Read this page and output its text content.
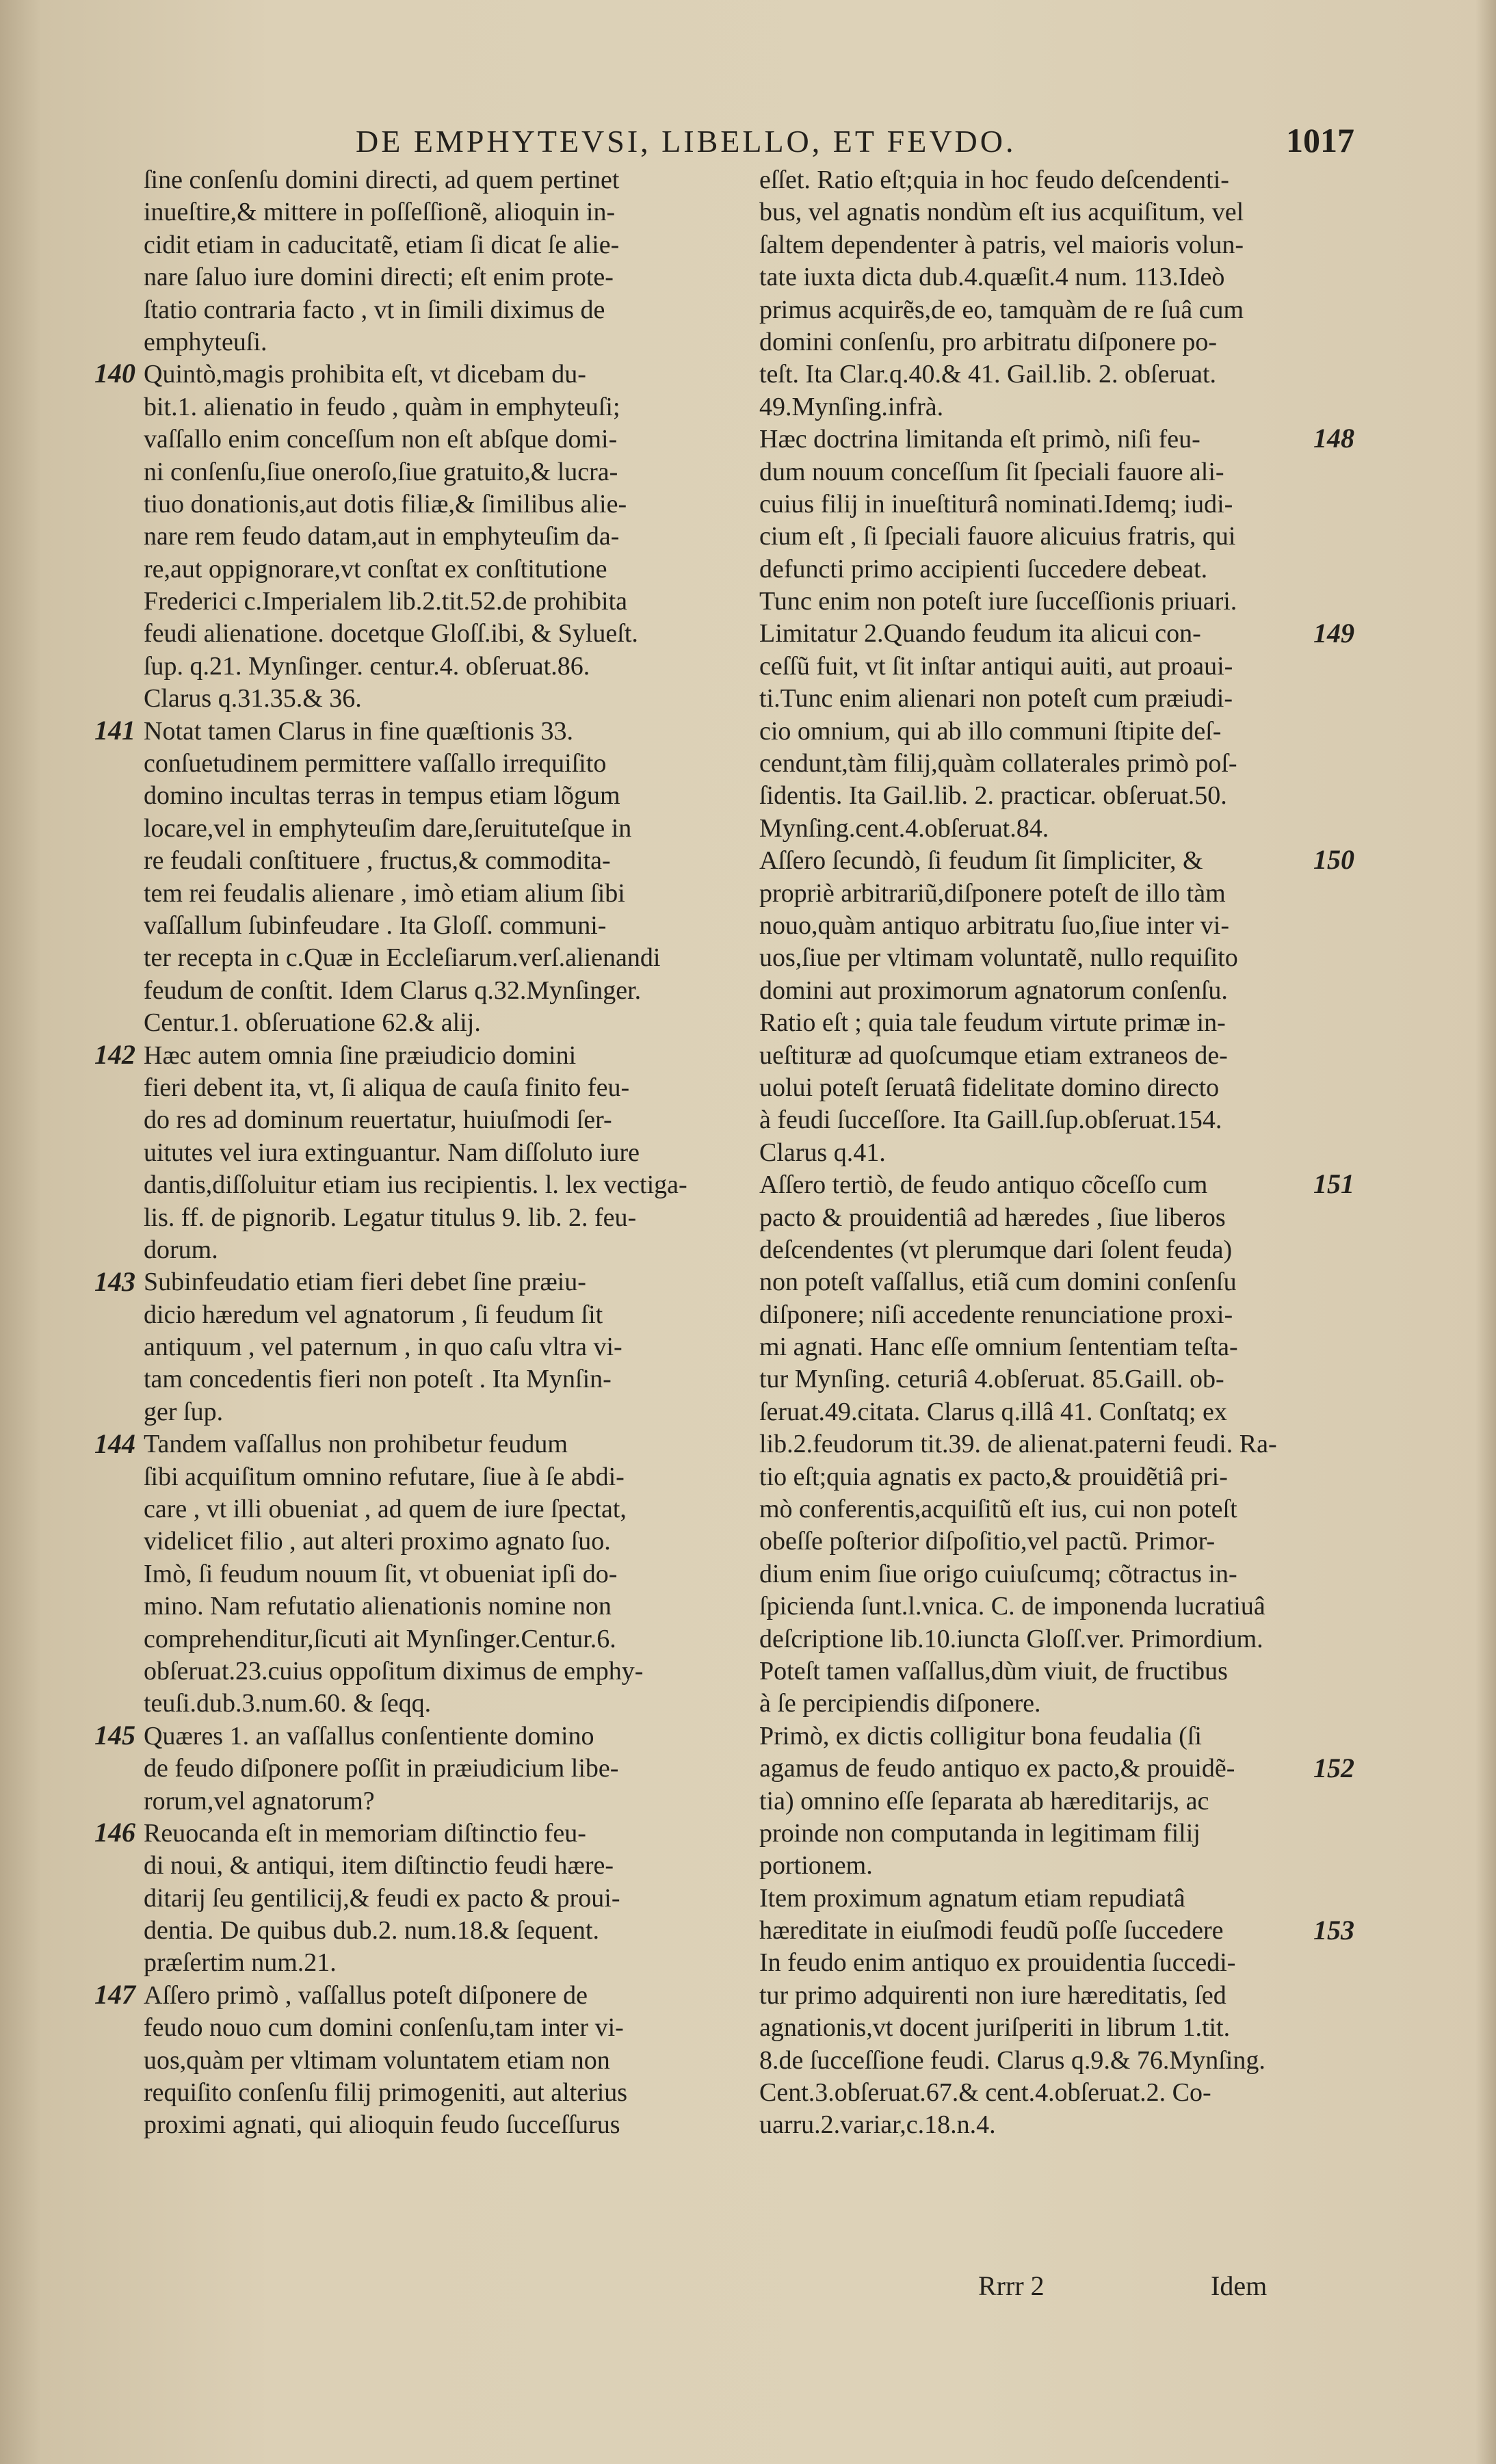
DE EMPHYTEVSI, LIBELLO, ET FEVDO.	1017
ſine conſenſu domini directi, ad quem pertinet
inueſtire,& mittere in poſſeſſionẽ, alioquin in-
cidit etiam in caducitatẽ, etiam ſi dicat ſe alie-
nare ſaluo iure domini directi; eſt enim prote-
ſtatio contraria facto , vt in ſimili diximus de
emphyteuſi.
Quintò,magis prohibita eſt, vt dicebam du-
bit.1. alienatio in feudo , quàm in emphyteuſi;
vaſſallo enim conceſſum non eſt abſque domi-
ni conſenſu,ſiue oneroſo,ſiue gratuito,& lucra-
tiuo donationis,aut dotis filiæ,& ſimilibus alie-
nare rem feudo datam,aut in emphyteuſim da-
re,aut oppignorare,vt conſtat ex conſtitutione
Frederici c.Imperialem lib.2.tit.52.de prohibita
feudi alienatione. docetque Gloſſ.ibi, & Sylueſt.
ſup. q.21. Mynſinger. centur.4. obſeruat.86.
Clarus q.31.35.& 36.
Notat tamen Clarus in fine quæſtionis 33.
conſuetudinem permittere vaſſallo irrequiſito
domino incultas terras in tempus etiam lõgum
locare,vel in emphyteuſim dare,ſeruituteſque in
re feudali conſtituere , fructus,& commodita-
tem rei feudalis alienare , imò etiam alium ſibi
vaſſallum ſubinfeudare . Ita Gloſſ. communi-
ter recepta in c.Quæ in Eccleſiarum.verſ.alienandi
feudum de conſtit. Idem Clarus q.32.Mynſinger.
Centur.1. obſeruatione 62.& alij.
Hæc autem omnia ſine præiudicio domini
fieri debent ita, vt, ſi aliqua de cauſa finito feu-
do res ad dominum reuertatur, huiuſmodi ſer-
uitutes vel iura extinguantur. Nam diſſoluto iure
dantis,diſſoluitur etiam ius recipientis. l. lex vectiga-
lis. ff. de pignorib. Legatur titulus 9. lib. 2. feu-
dorum.
Subinfeudatio etiam fieri debet ſine præiu-
dicio hæredum vel agnatorum , ſi feudum ſit
antiquum , vel paternum , in quo caſu vltra vi-
tam concedentis fieri non poteſt . Ita Mynſin-
ger ſup.
Tandem vaſſallus non prohibetur feudum
ſibi acquiſitum omnino refutare, ſiue à ſe abdi-
care , vt illi obueniat , ad quem de iure ſpectat,
videlicet filio , aut alteri proximo agnato ſuo.
Imò, ſi feudum nouum ſit, vt obueniat ipſi do-
mino. Nam refutatio alienationis nomine non
comprehenditur,ſicuti ait Mynſinger.Centur.6.
obſeruat.23.cuius oppoſitum diximus de emphy-
teuſi.dub.3.num.60. & ſeqq.
Quæres 1. an vaſſallus conſentiente domino
de feudo diſponere poſſit in præiudicium libe-
rorum,vel agnatorum?
Reuocanda eſt in memoriam diſtinctio feu-
di noui, & antiqui, item diſtinctio feudi hære-
ditarij ſeu gentilicij,& feudi ex pacto & proui-
dentia. De quibus dub.2. num.18.& ſequent.
præſertim num.21.
Aſſero primò , vaſſallus poteſt diſponere de
feudo nouo cum domini conſenſu,tam inter vi-
uos,quàm per vltimam voluntatem etiam non
requiſito conſenſu filij primogeniti, aut alterius
proximi agnati, qui alioquin feudo ſucceſſurus
140
141
142
143
144
145
146
147
eſſet. Ratio eſt;quia in hoc feudo deſcendenti-
bus, vel agnatis nondùm eſt ius acquiſitum, vel
ſaltem dependenter à patris, vel maioris volun-
tate iuxta dicta dub.4.quæſit.4 num. 113.Ideò
primus acquirẽs,de eo, tamquàm de re ſuâ cum
domini conſenſu, pro arbitratu diſponere po-
teſt. Ita Clar.q.40.& 41. Gail.lib. 2. obſeruat.
49.Mynſing.infrà.
Hæc doctrina limitanda eſt primò, niſi feu-
dum nouum conceſſum ſit ſpeciali fauore ali-
cuius filij in inueſtiturâ nominati.Idemq; iudi-
cium eſt , ſi ſpeciali fauore alicuius fratris, qui
defuncti primo accipienti ſuccedere debeat.
Tunc enim non poteſt iure ſucceſſionis priuari.
Limitatur 2.Quando feudum ita alicui con-
ceſſũ fuit, vt ſit inſtar antiqui auiti, aut proaui-
ti.Tunc enim alienari non poteſt cum præiudi-
cio omnium, qui ab illo communi ſtipite deſ-
cendunt,tàm filij,quàm collaterales primò poſ-
ſidentis. Ita Gail.lib. 2. practicar. obſeruat.50.
Mynſing.cent.4.obſeruat.84.
Aſſero ſecundò, ſi feudum ſit ſimpliciter, &
propriè arbitrariũ,diſponere poteſt de illo tàm
nouo,quàm antiquo arbitratu ſuo,ſiue inter vi-
uos,ſiue per vltimam voluntatẽ, nullo requiſito
domini aut proximorum agnatorum conſenſu.
Ratio eſt ; quia tale feudum virtute primæ in-
ueſtituræ ad quoſcumque etiam extraneos de-
uolui poteſt ſeruatâ fidelitate domino directo
à feudi ſucceſſore. Ita Gaill.ſup.obſeruat.154.
Clarus q.41.
Aſſero tertiò, de feudo antiquo cõceſſo cum
pacto & prouidentiâ ad hæredes , ſiue liberos
deſcendentes (vt plerumque dari ſolent feuda)
non poteſt vaſſallus, etiã cum domini conſenſu
diſponere; niſi accedente renunciatione proxi-
mi agnati. Hanc eſſe omnium ſententiam teſta-
tur Mynſing. ceturiâ 4.obſeruat. 85.Gaill. ob-
ſeruat.49.citata. Clarus q.illâ 41. Conſtatq; ex
lib.2.feudorum tit.39. de alienat.paterni feudi. Ra-
tio eſt;quia agnatis ex pacto,& prouidẽtiâ pri-
mò conferentis,acquiſitũ eſt ius, cui non poteſt
obeſſe poſterior diſpoſitio,vel pactũ. Primor-
dium enim ſiue origo cuiuſcumq; cõtractus in-
ſpicienda ſunt.l.vnica. C. de imponenda lucratiuâ
deſcriptione lib.10.iuncta Gloſſ.ver. Primordium.
Poteſt tamen vaſſallus,dùm viuit, de fructibus
à ſe percipiendis diſponere.
Primò, ex dictis colligitur bona feudalia (ſi
agamus de feudo antiquo ex pacto,& prouidẽ-
tia) omnino eſſe ſeparata ab hæreditarijs, ac
proinde non computanda in legitimam filij
portionem.
Item proximum agnatum etiam repudiatâ
hæreditate in eiuſmodi feudũ poſſe ſuccedere
In feudo enim antiquo ex prouidentia ſuccedi-
tur primo adquirenti non iure hæreditatis, ſed
agnationis,vt docent juriſperiti in librum 1.tit.
8.de ſucceſſione feudi. Clarus q.9.& 76.Mynſing.
Cent.3.obſeruat.67.& cent.4.obſeruat.2. Co-
uarru.2.variar,c.18.n.4.
148
149
150
151
152
153
Rrrr 2	Idem
